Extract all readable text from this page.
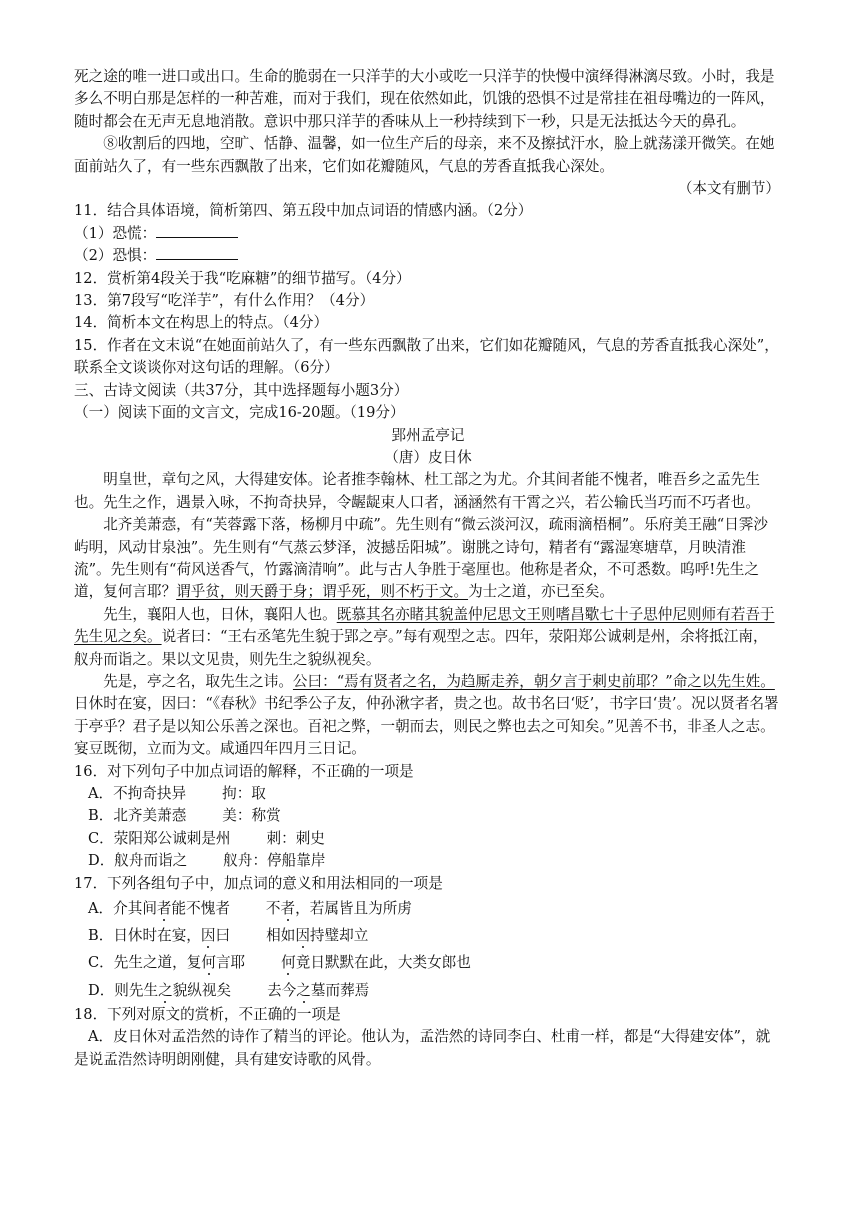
死之途的唯一进口或出口。生命的脆弱在一只洋芋的大小或吃一只洋芋的快慢中演绎得淋漓尽致。小时，我是多么不明白那是怎样的一种苦难，而对于我们，现在依然如此，饥饿的恐惧不过是常挂在祖母嘴边的一阵风，随时都会在无声无息地消散。意识中那只洋芋的香味从上一秒持续到下一秒，只是无法抵达今天的鼻孔。

⑧收割后的四地，空旷、恬静、温馨，如一位生产后的母亲，来不及擦拭汗水，脸上就荡漾开微笑。在她面前站久了，有一些东西飘散了出来，它们如花瓣随风，气息的芳香直抵我心深处。

（本文有删节）

11．结合具体语境，简析第四、第五段中加点词语的情感内涵。（2分）

（1）恐慌：

（2）恐惧：

12．赏析第4段关于我“吃麻糖”的细节描写。（4分）

13．第7段写“吃洋芋”，有什么作用？（4分）

14．简析本文在构思上的特点。（4分）

15．作者在文末说“在她面前站久了，有一些东西飘散了出来，它们如花瓣随风，气息的芳香直抵我心深处”，联系全文谈谈你对这句话的理解。（6分）

三、古诗文阅读（共37分，其中选择题每小题3分）

（一）阅读下面的文言文，完成16-20题。（19分）

郢州孟亭记

（唐）皮日休

明皇世，章句之风，大得建安体。论者推李翰林、杜工部之为尤。介其间者能不愧者，唯吾乡之孟先生也。先生之作，遇景入咏，不拘奇抉异，令龌龊束人口者，涵涵然有干霄之兴，若公输氏当巧而不巧者也。

北齐美萧悫，有“芙蓉露下落，杨柳月中疏”。先生则有“微云淡河汉，疏雨滴梧桐”。乐府美王融“日霁沙屿明，风动甘泉浊”。先生则有“气蒸云梦泽，波撼岳阳城”。谢朓之诗句，精者有“露湿寒塘草，月映清淮流”。先生则有“荷风送香气，竹露滴清响”。此与古人争胜于毫厘也。他称是者众，不可悉数。呜呼!先生之道，复何言耶？谓乎贫，则天爵于身；谓乎死，则不朽于文。为士之道，亦已至矣。

先生，襄阳人也，日休，襄阳人也。既慕其名亦睹其貌盖仲尼思文王则嗜昌歜七十子思仲尼则师有若吾于先生见之矣。说者曰：“王右丞笔先生貌于郢之亭。”每有观型之志。四年，荥阳郑公诚刺是州，余将抵江南，舣舟而诣之。果以文见贵，则先生之貌纵视矣。

先是，亭之名，取先生之讳。公曰：“焉有贤者之名，为趋厮走养，朝夕言于刺史前耶？”命之以先生姓。日休时在宴，因曰：“《春秋》书纪季公子友，仲孙湫字者，贵之也。故书名曰‘贬’，书字曰‘贵’。况以贤者名署于亭乎？君子是以知公乐善之深也。百祀之弊，一朝而去，则民之弊也去之可知矣。”见善不书，非圣人之志。宴豆既彻，立而为文。咸通四年四月三日记。

16．对下列句子中加点词语的解释，不正确的一项是

A．不拘奇抉异 拘：取

B．北齐美萧悫 美：称赏

C．荥阳郑公诚刺是州 刺：刺史

D．舣舟而诣之 舣舟：停船靠岸

17．下列各组句子中，加点词的意义和用法相同的一项是

A．介其间者能不愧者 不者，若属皆且为所虏

B．日休时在宴，因曰 相如因持璧却立

C．先生之道，复何言耶 何竟日默默在此，大类女郎也

D．则先生之貌纵视矣 去今之墓而葬焉

18．下列对原文的赏析，不正确的一项是

A．皮日休对孟浩然的诗作了精当的评论。他认为，孟浩然的诗同李白、杜甫一样，都是“大得建安体”，就是说孟浩然诗明朗刚健，具有建安诗歌的风骨。
